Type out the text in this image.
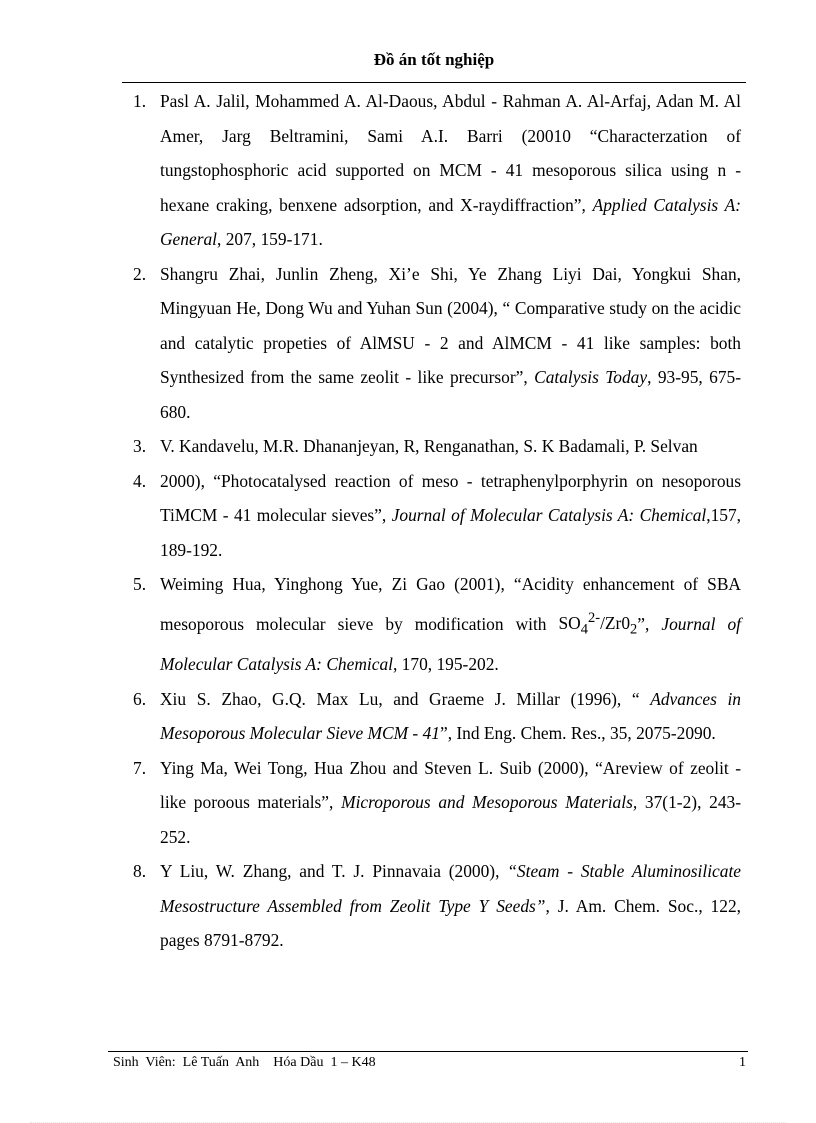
Đồ án tốt nghiệp
1. Pasl A. Jalil, Mohammed A. Al-Daous, Abdul - Rahman A. Al-Arfaj, Adan M. Al Amer, Jarg Beltramini, Sami A.I. Barri (20010 “Characterzation of tungstophosphoric acid supported on MCM - 41 mesoporous silica using n - hexane craking, benxene adsorption, and X-raydiffraction”, Applied Catalysis A: General, 207, 159-171.
2. Shangru Zhai, Junlin Zheng, Xi’e Shi, Ye Zhang Liyi Dai, Yongkui Shan, Mingyuan He, Dong Wu and Yuhan Sun (2004), “ Comparative study on the acidic and catalytic propeties of AlMSU - 2 and AlMCM - 41 like samples: both Synthesized from the same zeolit - like precursor”, Catalysis Today, 93-95, 675-680.
3. V. Kandavelu, M.R. Dhananjeyan, R, Renganathan, S. K Badamali, P. Selvan
4. 2000), “Photocatalysed reaction of meso - tetraphenylporphyrin on nesoporous TiMCM - 41 molecular sieves”, Journal of Molecular Catalysis A: Chemical,157, 189-192.
5. Weiming Hua, Yinghong Yue, Zi Gao (2001), “Acidity enhancement of SBA mesoporous molecular sieve by modification with $SO_4^{2-}/Zr0_2$”, Journal of Molecular Catalysis A: Chemical, 170, 195-202.
6. Xiu S. Zhao, G.Q. Max Lu, and Graeme J. Millar (1996), “ Advances in Mesoporous Molecular Sieve MCM - 41”, Ind Eng. Chem. Res., 35, 2075-2090.
7. Ying Ma, Wei Tong, Hua Zhou and Steven L. Suib (2000), “Areview of zeolit - like poroous materials”, Microporous and Mesoporous Materials, 37(1-2), 243-252.
8. Y Liu, W. Zhang, and T. J. Pinnavaia (2000), “Steam - Stable Aluminosilicate Mesostructure Assembled from Zeolit Type Y Seeds”, J. Am. Chem. Soc., 122, pages 8791-8792.
Sinh  Viên:  Lê Tuấn  Anh    Hóa Dầu  1 – K48	1
